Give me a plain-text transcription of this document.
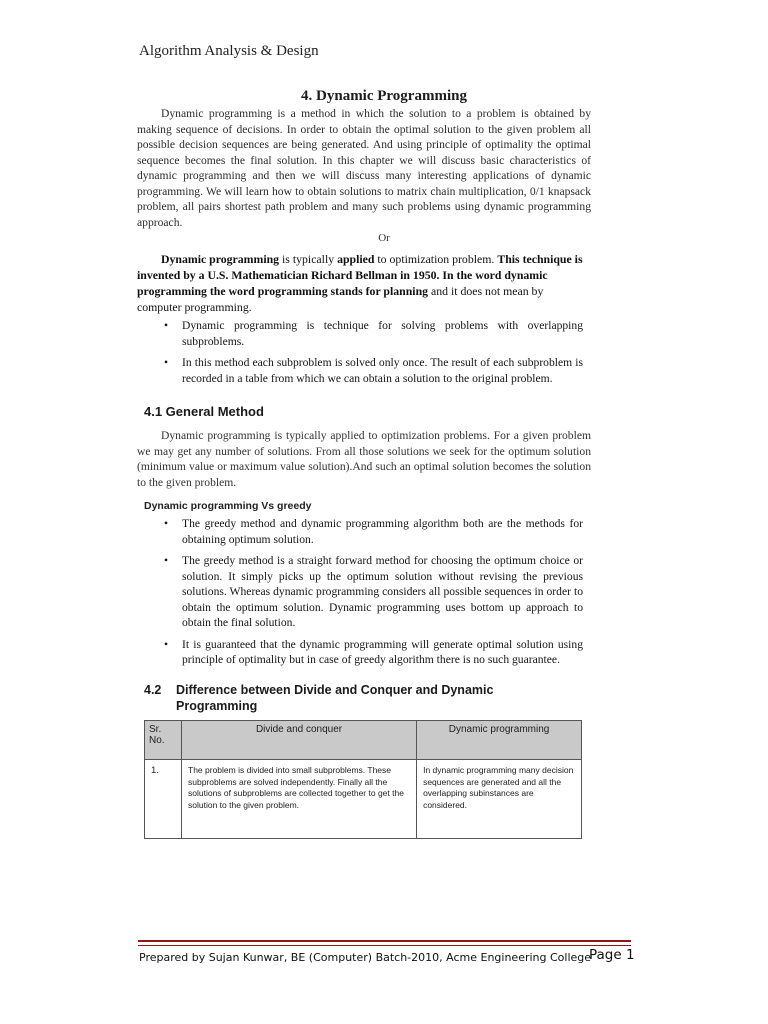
Algorithm Analysis & Design
4. Dynamic Programming
Dynamic programming is a method in which the solution to a problem is obtained by making sequence of decisions. In order to obtain the optimal solution to the given problem all possible decision sequences are being generated. And using principle of optimality the optimal sequence becomes the final solution. In this chapter we will discuss basic characteristics of dynamic programming and then we will discuss many interesting applications of dynamic programming. We will learn how to obtain solutions to matrix chain multiplication, 0/1 knapsack problem, all pairs shortest path problem and many such problems using dynamic programming approach.
Or
Dynamic programming is typically applied to optimization problem. This technique is invented by a U.S. Mathematician Richard Bellman in 1950. In the word dynamic programming the word programming stands for planning and it does not mean by computer programming.
• Dynamic programming is technique for solving problems with overlapping subproblems.
• In this method each subproblem is solved only once. The result of each subproblem is recorded in a table from which we can obtain a solution to the original problem.
4.1 General Method
Dynamic programming is typically applied to optimization problems. For a given problem we may get any number of solutions. From all those solutions we seek for the optimum solution (minimum value or maximum value solution).And such an optimal solution becomes the solution to the given problem.
Dynamic programming Vs greedy
• The greedy method and dynamic programming algorithm both are the methods for obtaining optimum solution.
• The greedy method is a straight forward method for choosing the optimum choice or solution. It simply picks up the optimum solution without revising the previous solutions. Whereas dynamic programming considers all possible sequences in order to obtain the optimum solution. Dynamic programming uses bottom up approach to obtain the final solution.
• It is guaranteed that the dynamic programming will generate optimal solution using principle of optimality but in case of greedy algorithm there is no such guarantee.
4.2 Difference between Divide and Conquer and Dynamic
Programming
Sr. No.	Divide and conquer	Dynamic programming
1.	The problem is divided into small subproblems. These subproblems are solved independently. Finally all the solutions of subproblems are collected together to get the solution to the given problem.	In dynamic programming many decision sequences are generated and all the overlapping subinstances are considered.
Prepared by Sujan Kunwar, BE (Computer) Batch-2010, Acme Engineering College
Page 1
